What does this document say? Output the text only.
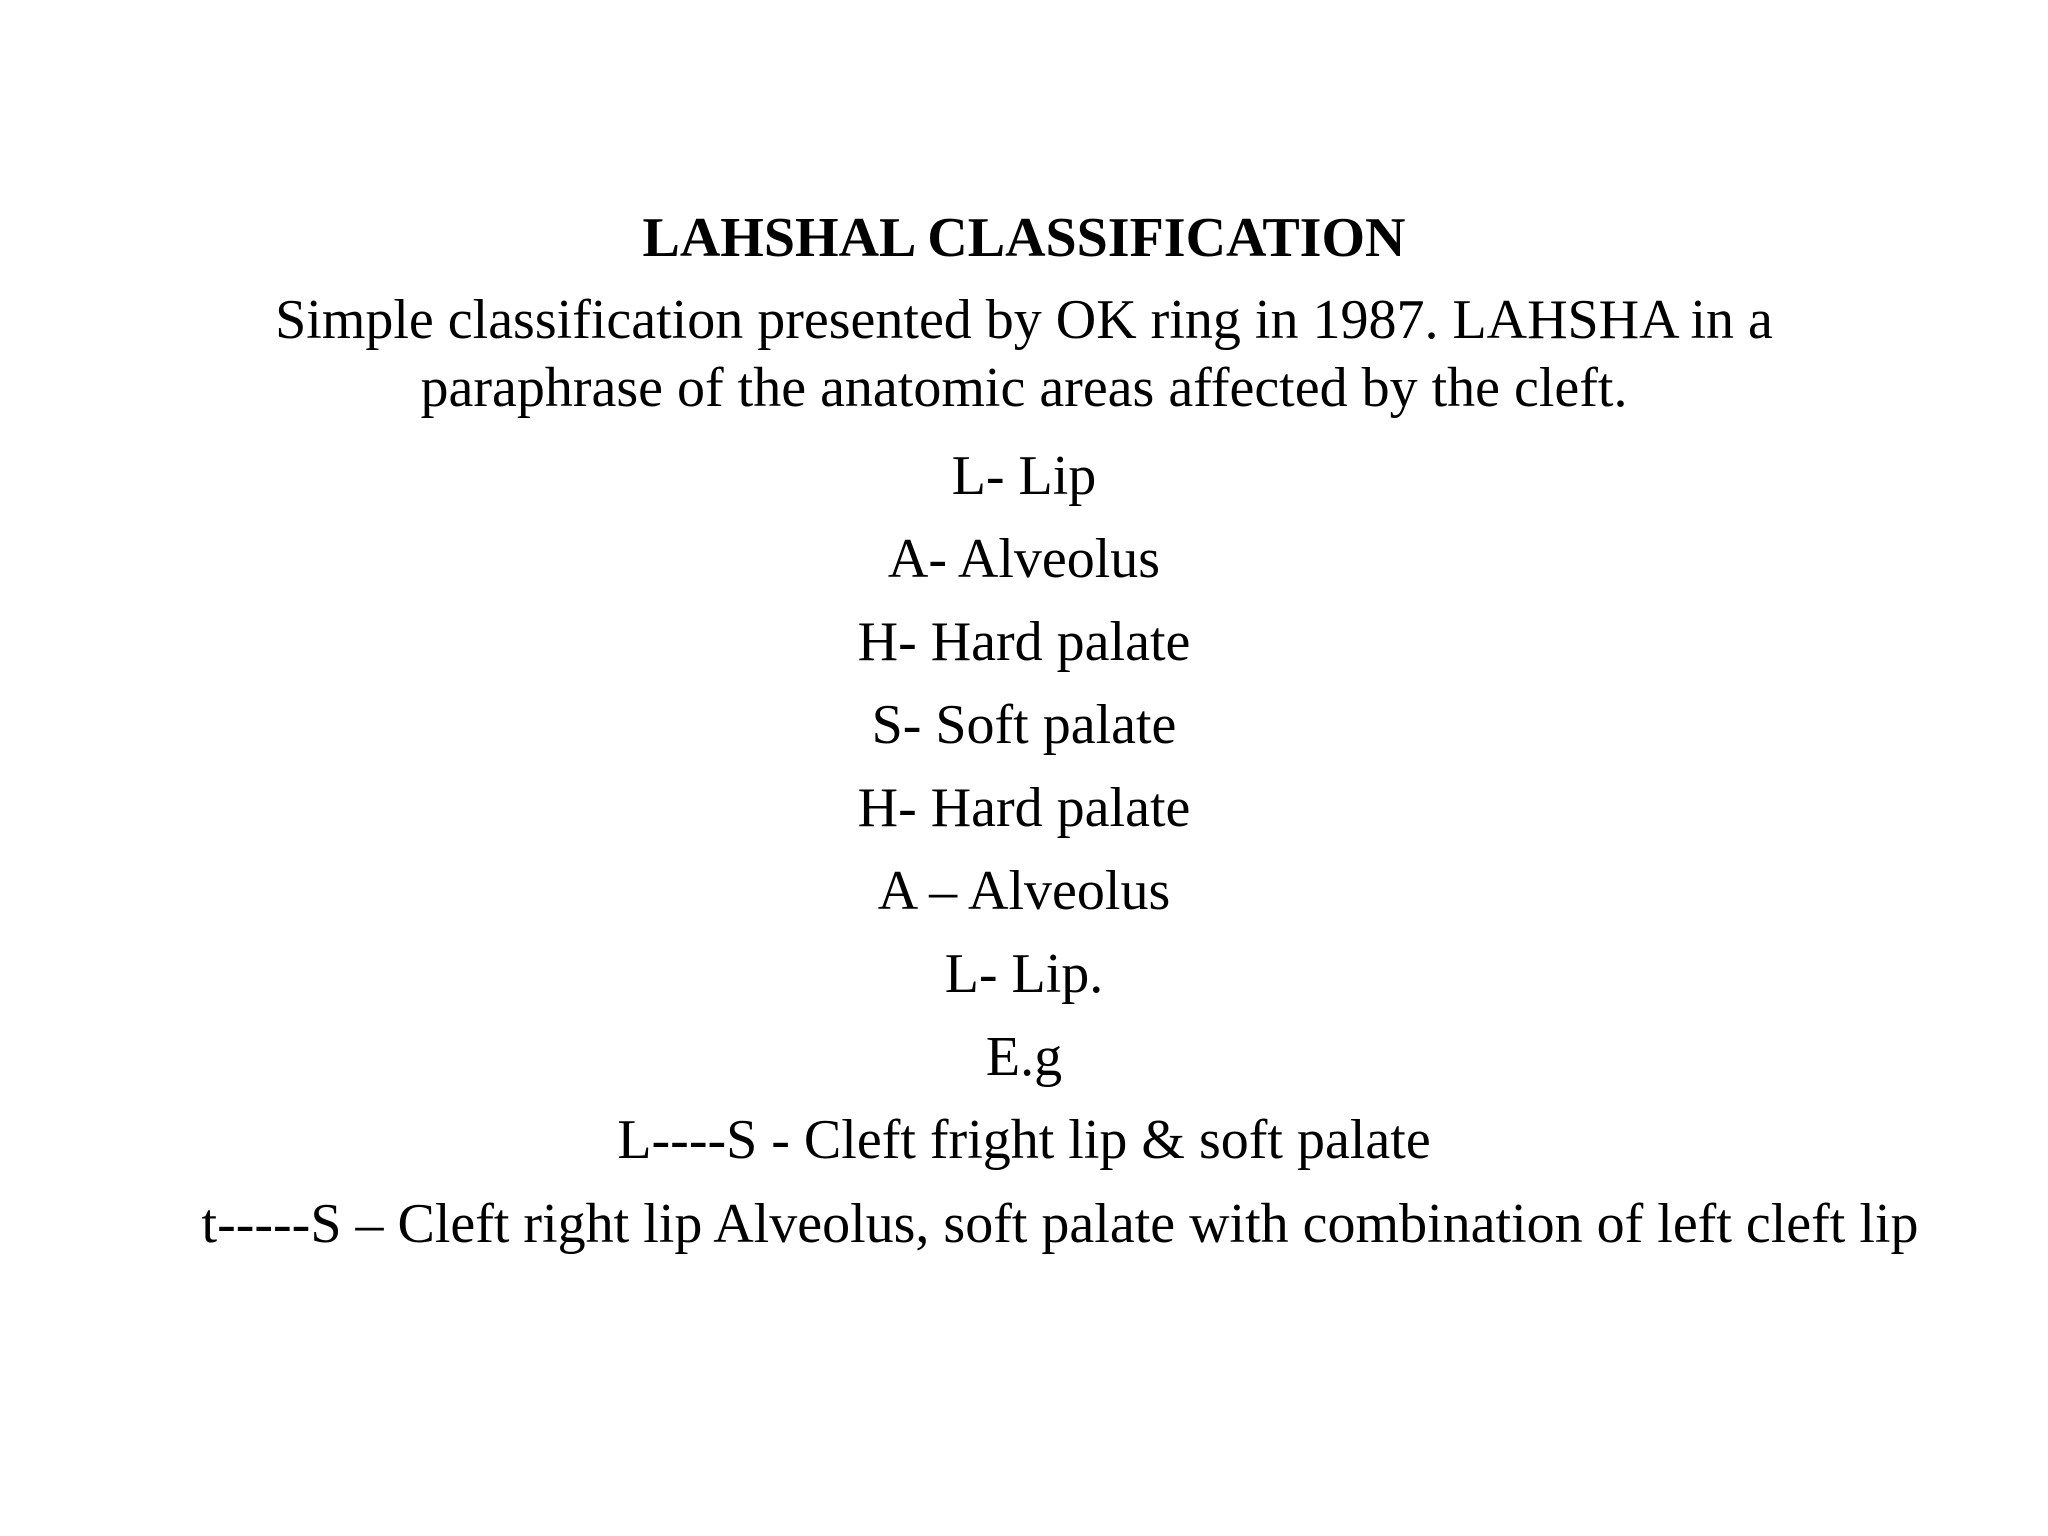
LAHSHAL CLASSIFICATION
Simple classification presented by OK ring in 1987. LAHSHA in a paraphrase of the anatomic areas affected by the cleft.
L- Lip
A- Alveolus
H- Hard palate
S- Soft palate
H- Hard palate
A – Alveolus
L- Lip.
E.g
L----S - Cleft fright lip & soft palate
t-----S – Cleft right lip Alveolus, soft palate with combination of left cleft lip
